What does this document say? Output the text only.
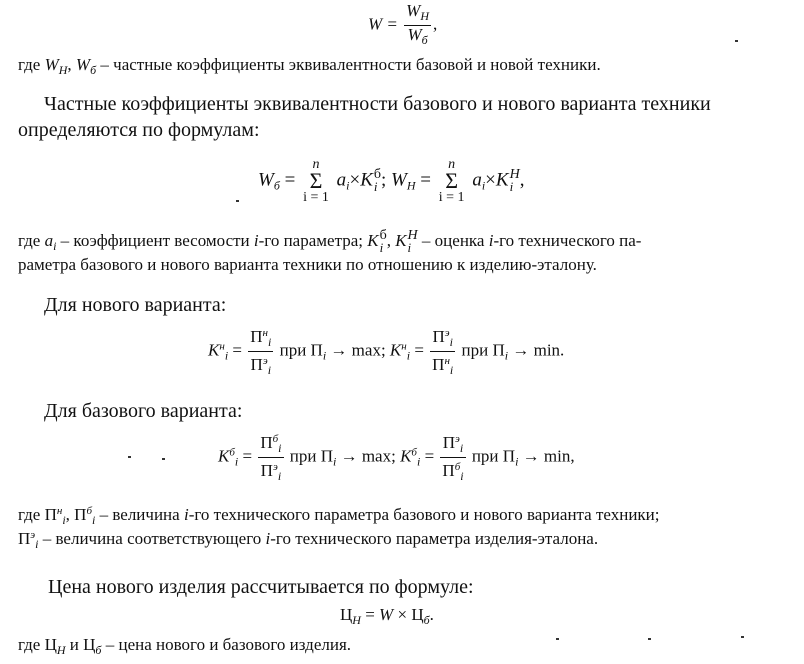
$W = \frac{W_Н}{W_б}$ ,
где $W_H$, $W_б$ – частные коэффициенты эквивалентности базовой и новой техники.
Частные коэффициенты эквивалентности базового и нового варианта техники
определяются по формулам:
$W_б$ =
n
Σ
i = 1
$a_i\times K$ б
i ; $W_H$ =
n
Σ
i = 1
$a_i\times K$ H
i ,
где $a_i$ – коэффициент весомости i-го параметра; K б
i , K H
i – оценка i-го технического па-
раметра базового и нового варианта техники по отношению к изделию-эталону.
Для нового варианта:
$K^н_i = \frac{П^н_i}{П^э_i}$ при $П_i \to \max$; $K^н_i = \frac{П^э_i}{П^н_i}$ при $П_i \to \min$.
Для базового варианта:
$K^б_i = \frac{П^б_i}{П^э_i}$ при $П_i \to \max$; $K^б_i = \frac{П^э_i}{П^б_i}$ при $П_i \to \min$,
где $П^н_i$, $П^б_i$ – величина i-го технического параметра базового и нового варианта техники;
$П^э_i$ – величина соответствующего i-го технического параметра изделия-эталона.
Цена нового изделия рассчитывается по формуле:
$Ц_H = W \times Ц_б$.
где $Ц_H$ и $Ц_б$ – цена нового и базового изделия.
